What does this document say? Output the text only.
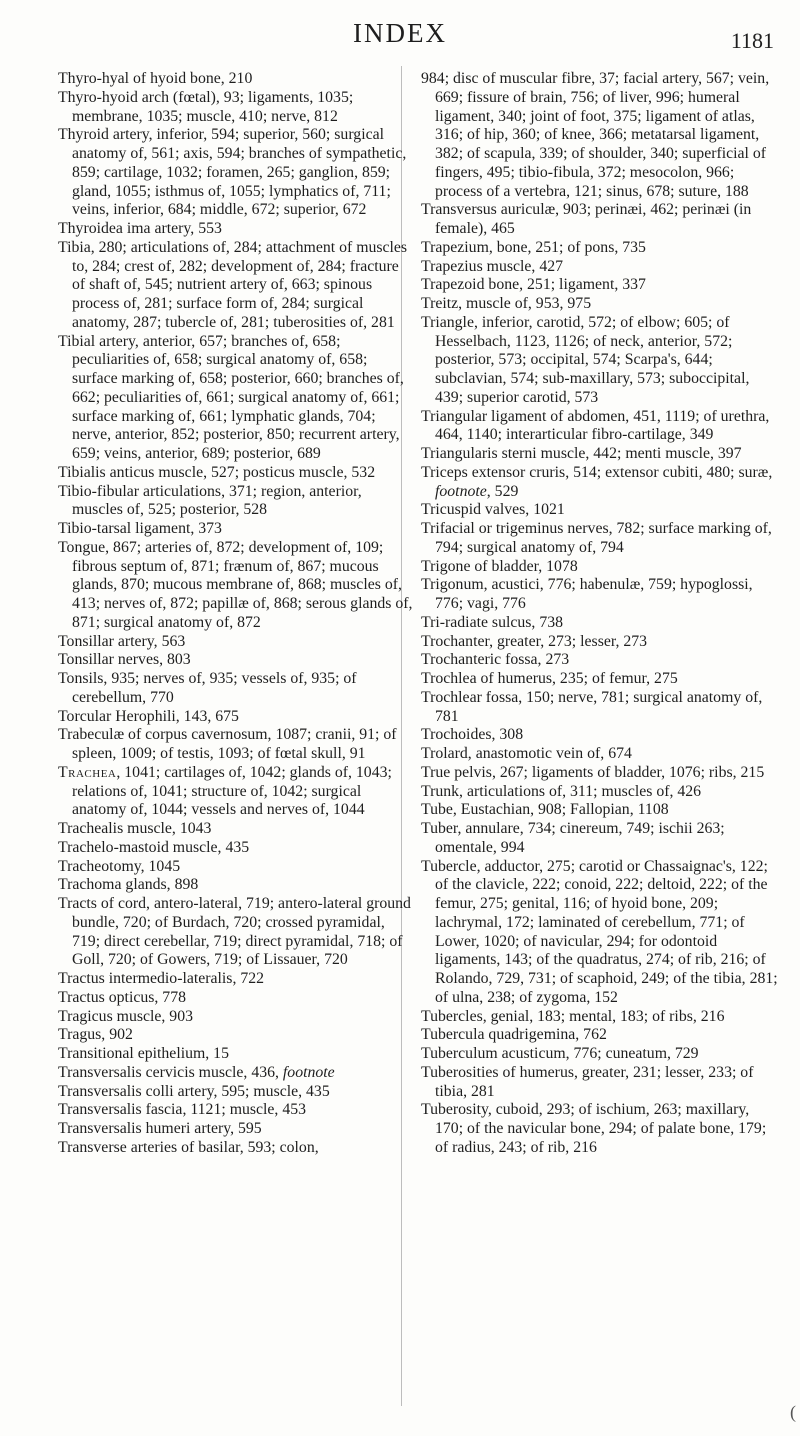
INDEX	1181

Thyro-hyal of hyoid bone, 210

Thyro-hyoid arch (fœtal), 93; ligaments, 1035; membrane, 1035; muscle, 410; nerve, 812

Thyroid artery, inferior, 594; superior, 560; surgical anatomy of, 561; axis, 594; branches of sympathetic, 859; cartilage, 1032; foramen, 265; ganglion, 859; gland, 1055; isthmus of, 1055; lymphatics of, 711; veins, inferior, 684; middle, 672; superior, 672

Thyroidea ima artery, 553

Tibia, 280; articulations of, 284; attachment of muscles to, 284; crest of, 282; development of, 284; fracture of shaft of, 545; nutrient artery of, 663; spinous process of, 281; surface form of, 284; surgical anatomy, 287; tubercle of, 281; tuberosities of, 281

Tibial artery, anterior, 657; branches of, 658; peculiarities of, 658; surgical anatomy of, 658; surface marking of, 658; posterior, 660; branches of, 662; peculiarities of, 661; surgical anatomy of, 661; surface marking of, 661; lymphatic glands, 704; nerve, anterior, 852; posterior, 850; recurrent artery, 659; veins, anterior, 689; posterior, 689

Tibialis anticus muscle, 527; posticus muscle, 532

Tibio-fibular articulations, 371; region, anterior, muscles of, 525; posterior, 528

Tibio-tarsal ligament, 373

Tongue, 867; arteries of, 872; development of, 109; fibrous septum of, 871; frænum of, 867; mucous glands, 870; mucous membrane of, 868; muscles of, 413; nerves of, 872; papillæ of, 868; serous glands of, 871; surgical anatomy of, 872

Tonsillar artery, 563

Tonsillar nerves, 803

Tonsils, 935; nerves of, 935; vessels of, 935; of cerebellum, 770

Torcular Herophili, 143, 675

Trabeculæ of corpus cavernosum, 1087; cranii, 91; of spleen, 1009; of testis, 1093; of fœtal skull, 91

Trachea, 1041; cartilages of, 1042; glands of, 1043; relations of, 1041; structure of, 1042; surgical anatomy of, 1044; vessels and nerves of, 1044

Trachealis muscle, 1043

Trachelo-mastoid muscle, 435

Tracheotomy, 1045

Trachoma glands, 898

Tracts of cord, antero-lateral, 719; antero-lateral ground bundle, 720; of Burdach, 720; crossed pyramidal, 719; direct cerebellar, 719; direct pyramidal, 718; of Goll, 720; of Gowers, 719; of Lissauer, 720

Tractus intermedio-lateralis, 722

Tractus opticus, 778

Tragicus muscle, 903

Tragus, 902

Transitional epithelium, 15

Transversalis cervicis muscle, 436, footnote

Transversalis colli artery, 595; muscle, 435

Transversalis fascia, 1121; muscle, 453

Transversalis humeri artery, 595

Transverse arteries of basilar, 593; colon,

984; disc of muscular fibre, 37; facial artery, 567; vein, 669; fissure of brain, 756; of liver, 996; humeral ligament, 340; joint of foot, 375; ligament of atlas, 316; of hip, 360; of knee, 366; metatarsal ligament, 382; of scapula, 339; of shoulder, 340; superficial of fingers, 495; tibio-fibula, 372; mesocolon, 966; process of a vertebra, 121; sinus, 678; suture, 188

Transversus auriculæ, 903; perinæi, 462; perinæi (in female), 465

Trapezium, bone, 251; of pons, 735

Trapezius muscle, 427

Trapezoid bone, 251; ligament, 337

Treitz, muscle of, 953, 975

Triangle, inferior, carotid, 572; of elbow; 605; of Hesselbach, 1123, 1126; of neck, anterior, 572; posterior, 573; occipital, 574; Scarpa's, 644; subclavian, 574; sub-maxillary, 573; suboccipital, 439; superior carotid, 573

Triangular ligament of abdomen, 451, 1119; of urethra, 464, 1140; interarticular fibro-cartilage, 349

Triangularis sterni muscle, 442; menti muscle, 397

Triceps extensor cruris, 514; extensor cubiti, 480; suræ, footnote, 529

Tricuspid valves, 1021

Trifacial or trigeminus nerves, 782; surface marking of, 794; surgical anatomy of, 794

Trigone of bladder, 1078

Trigonum, acustici, 776; habenulæ, 759; hypoglossi, 776; vagi, 776

Tri-radiate sulcus, 738

Trochanter, greater, 273; lesser, 273

Trochanteric fossa, 273

Trochlea of humerus, 235; of femur, 275

Trochlear fossa, 150; nerve, 781; surgical anatomy of, 781

Trochoides, 308

Trolard, anastomotic vein of, 674

True pelvis, 267; ligaments of bladder, 1076; ribs, 215

Trunk, articulations of, 311; muscles of, 426

Tube, Eustachian, 908; Fallopian, 1108

Tuber, annulare, 734; cinereum, 749; ischii 263; omentale, 994

Tubercle, adductor, 275; carotid or Chassaignac's, 122; of the clavicle, 222; conoid, 222; deltoid, 222; of the femur, 275; genital, 116; of hyoid bone, 209; lachrymal, 172; laminated of cerebellum, 771; of Lower, 1020; of navicular, 294; for odontoid ligaments, 143; of the quadratus, 274; of rib, 216; of Rolando, 729, 731; of scaphoid, 249; of the tibia, 281; of ulna, 238; of zygoma, 152

Tubercles, genial, 183; mental, 183; of ribs, 216

Tubercula quadrigemina, 762

Tuberculum acusticum, 776; cuneatum, 729

Tuberosities of humerus, greater, 231; lesser, 233; of tibia, 281

Tuberosity, cuboid, 293; of ischium, 263; maxillary, 170; of the navicular bone, 294; of palate bone, 179; of radius, 243; of rib, 216

(
